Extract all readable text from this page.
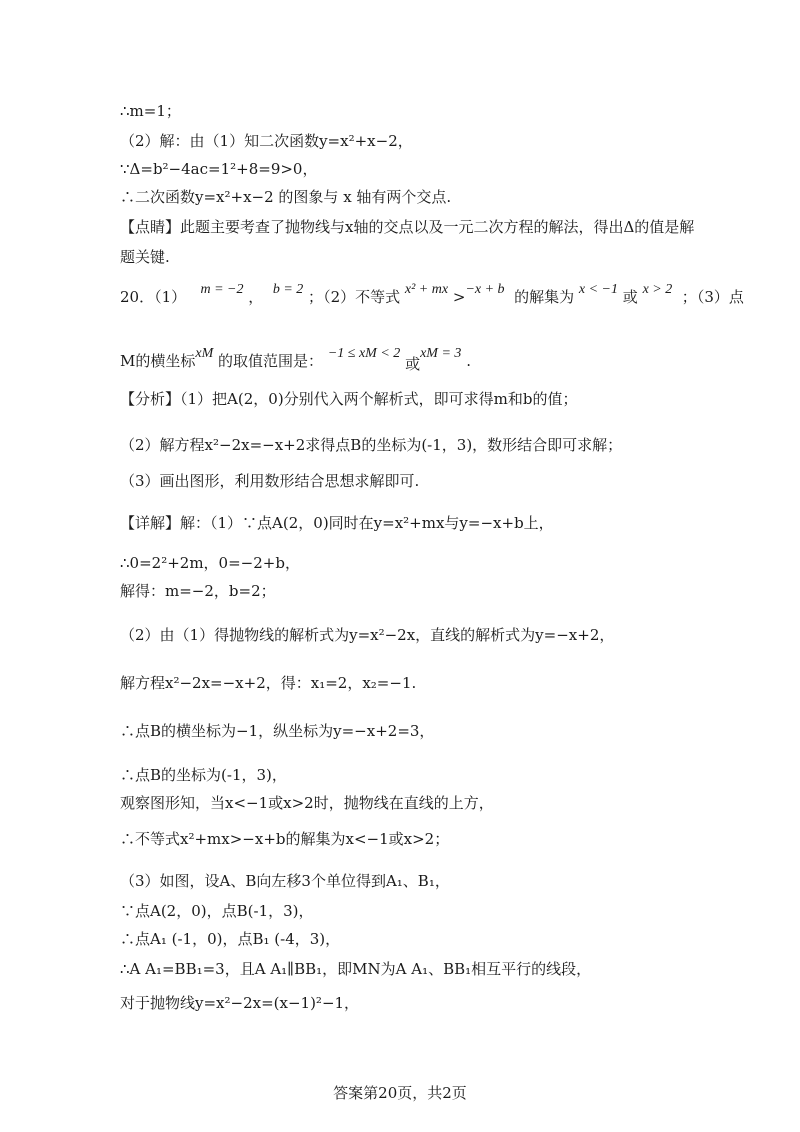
∴m=1；
（2）解：由（1）知二次函数y=x²+x−2，
∵Δ=b²−4ac=1²+8=9>0，
∴二次函数y=x²+x−2 的图象与 x 轴有两个交点.
【点睛】此题主要考查了抛物线与x轴的交点以及一元二次方程的解法，得出Δ的值是解
题关键.
【分析】（1）把A(2，0)分别代入两个解析式，即可求得m和b的值；
（2）解方程x²−2x=−x+2求得点B的坐标为(-1，3)，数形结合即可求解；
（3）画出图形，利用数形结合思想求解即可.
【详解】解：（1）∵点A(2，0)同时在y=x²+mx与y=−x+b上，
∴0=2²+2m，0=−2+b，
解得：m=−2，b=2；
（2）由（1）得抛物线的解析式为y=x²−2x，直线的解析式为y=−x+2，
解方程x²−2x=−x+2，得：x₁=2，x₂=−1.
∴点B的横坐标为−1，纵坐标为y=−x+2=3，
∴点B的坐标为(-1，3)，
观察图形知，当x<−1或x>2时，抛物线在直线的上方，
∴不等式x²+mx>−x+b的解集为x<−1或x>2；
（3）如图，设A、B向左移3个单位得到A₁、B₁，
∵点A(2，0)，点B(-1，3)，
∴点A₁ (-1，0)，点B₁ (-4，3)，
∴A A₁=BB₁=3，且A A₁∥BB₁，即MN为A A₁、BB₁相互平行的线段，
对于抛物线y=x²−2x=(x−1)²−1，
20．（1） m = −2 ， b = 2 ；（2）不等式 x² + mx >−x + b 的解集为 x < −1 或 x > 2 ；（3）点
M的横坐标xM 的取值范围是： −1 ≤ xM < 2 或xM = 3 .
答案第20页，共2页
